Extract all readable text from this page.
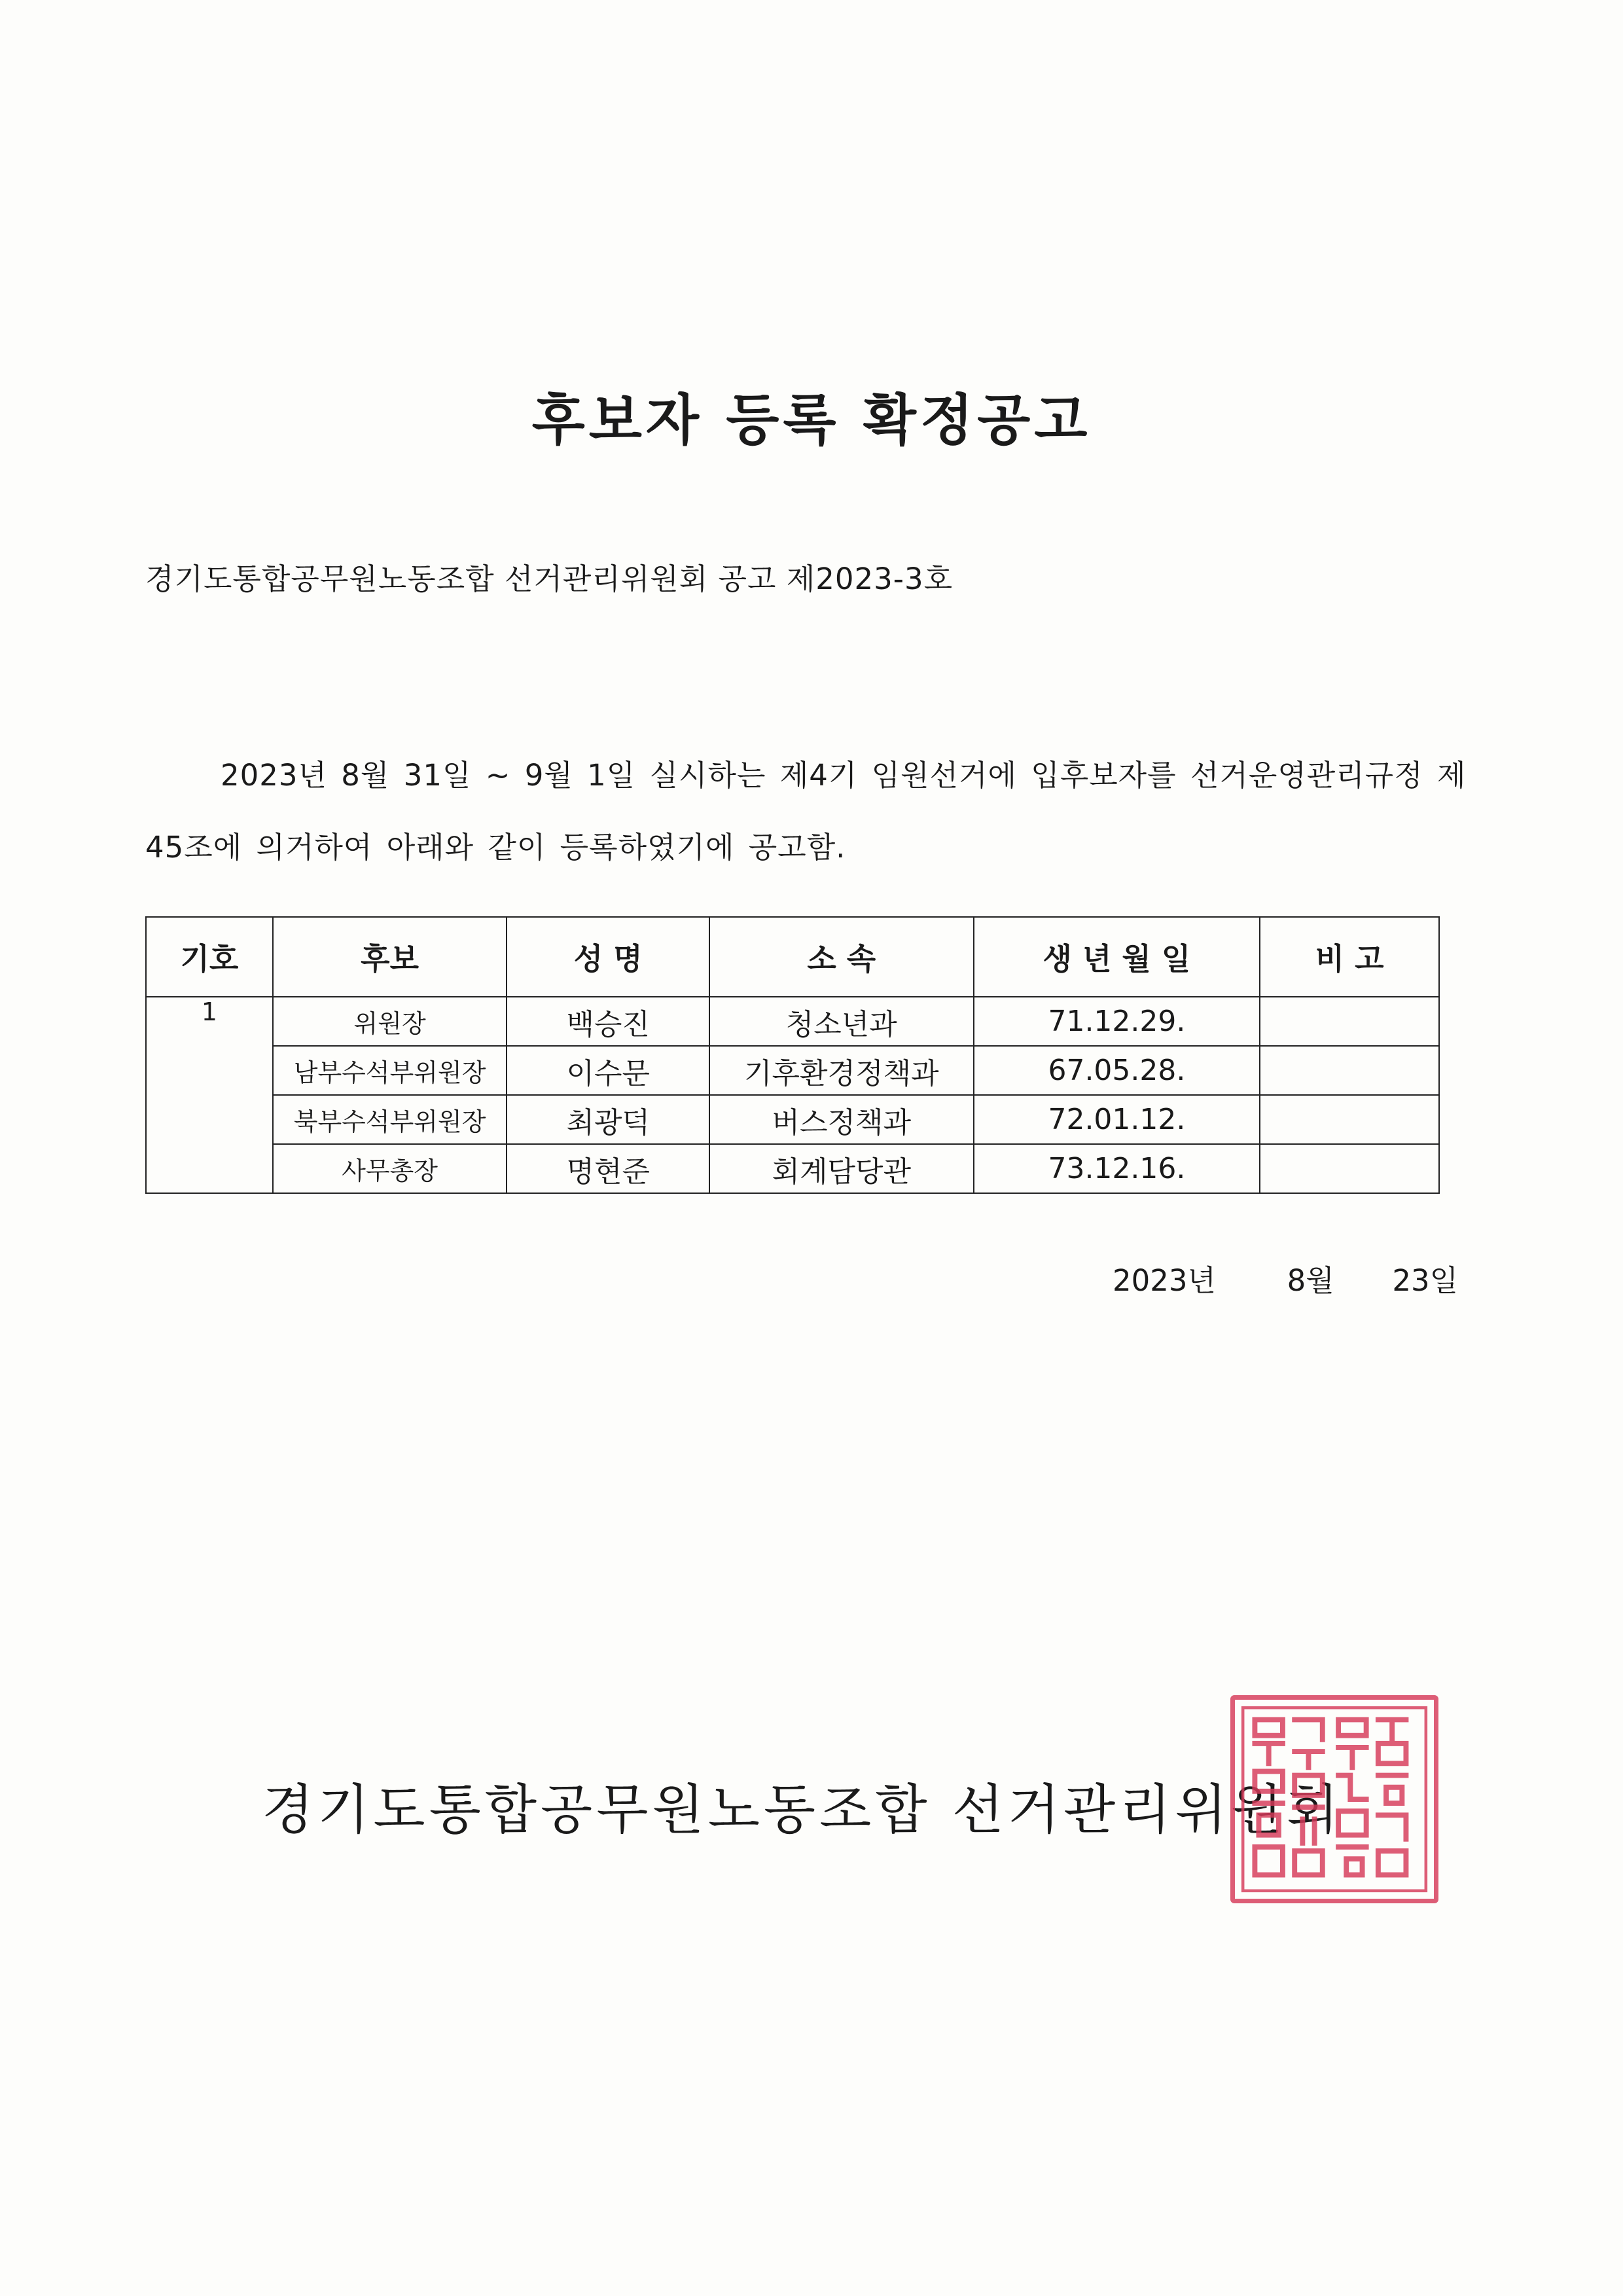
후보자 등록 확정공고
경기도통합공무원노동조합 선거관리위원회 공고 제2023-3호
2023년 8월 31일 ~ 9월 1일 실시하는 제4기 임원선거에 입후보자를 선거운영관리규정 제 45조에 의거하여 아래와 같이 등록하였기에 공고함.
기호	후보	성 명	소 속	생 년 월 일	비 고
1	위원장	백승진	청소년과	71.12.29.	
	남부수석부위원장	이수문	기후환경정책과	67.05.28.	
	북부수석부위원장	최광덕	버스정책과	72.01.12.	
	사무총장	명현준	회계담당관	73.12.16.	
2023년 8월 23일
경기도통합공무원노동조합 선거관리위원회
